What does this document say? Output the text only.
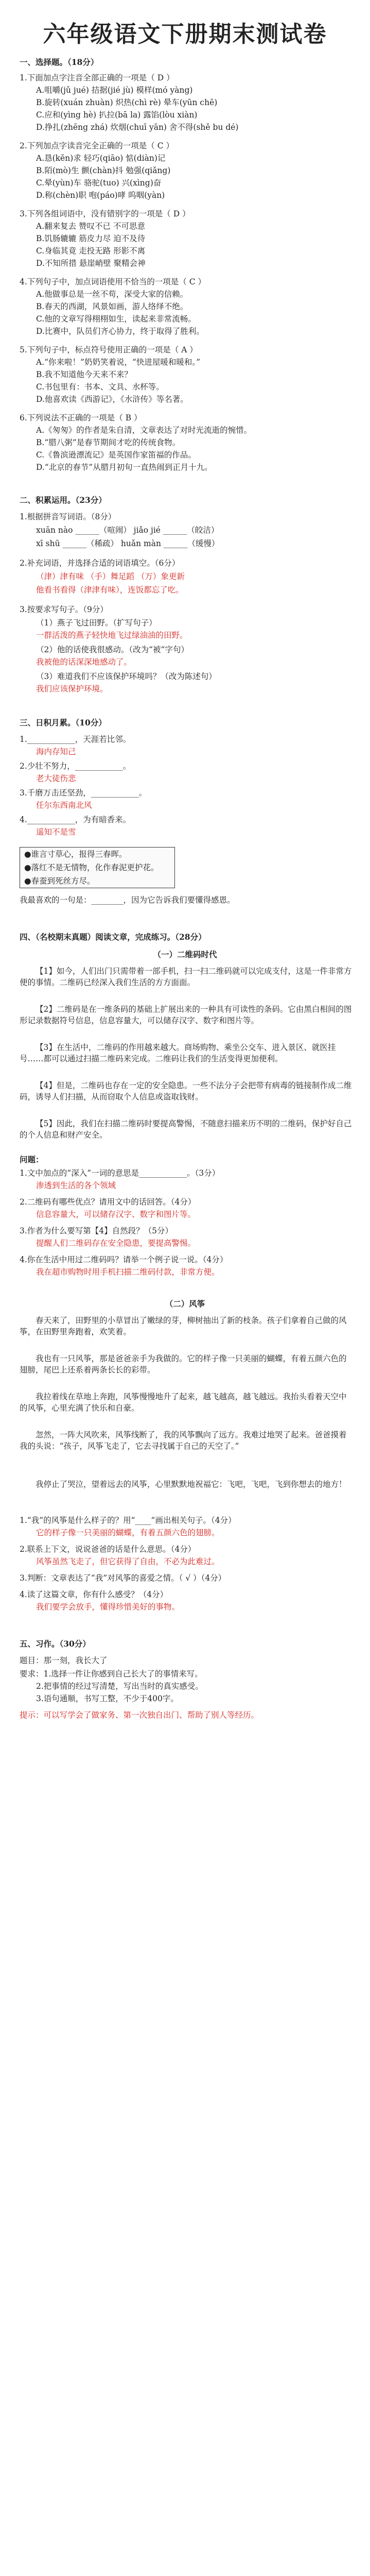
六年级语文下册期末测试卷
一、选择题。（18分）
1.下面加点字注音全部正确的一项是（ D ）
A.咀嚼(jǔ jué) 拮据(jié jù) 模样(mó yàng)
B.旋转(xuán zhuàn) 炽热(chì rè) 晕车(yūn chē)
C.应和(yìng hè) 扒拉(bā la) 露馅(lòu xiàn)
D.挣扎(zhēng zhá) 炊烟(chuī yān) 舍不得(shě bu dé)
2.下列加点字读音完全正确的一项是（ C ）
A.恳(kěn)求 轻巧(qiāo) 惦(diàn)记
B.陌(mò)生 颤(chàn)抖 勉强(qiǎng)
C.晕(yùn)车 骆驼(tuo) 兴(xìng)奋
D.称(chèn)职 咆(páo)哮 呜咽(yàn)
3.下列各组词语中，没有错别字的一项是（ D ）
A.翻来复去 赞叹不已 不可思意
B.饥肠辘辘 筋皮力尽 迫不及待
C.身临其竟 走投无路 形影不离
D.不知所措 悬崖峭壁 聚精会神
4.下列句子中，加点词语使用不恰当的一项是（ C ）
A.他做事总是一丝不苟，深受大家的信赖。
B.春天的西湖，风景如画，游人络绎不绝。
C.他的文章写得栩栩如生，读起来非常流畅。
D.比赛中，队员们齐心协力，终于取得了胜利。
5.下列句子中，标点符号使用正确的一项是（ A ）
A.“你来啦！”奶奶笑着说，“快进屋暖和暖和。”
B.我不知道他今天来不来？
C.书包里有：书本、文具、水杯等。
D.他喜欢读《西游记》，《水浒传》等名著。
6.下列说法不正确的一项是（ B ）
A.《匆匆》的作者是朱自清，文章表达了对时光流逝的惋惜。
B.“腊八粥”是春节期间才吃的传统食物。
C.《鲁滨逊漂流记》是英国作家笛福的作品。
D.“北京的春节”从腊月初旬一直热闹到正月十九。
二、积累运用。（23分）
1.根据拼音写词语。（8分）
xuān nào ______（喧闹） jiǎo jié ______（皎洁）
xī shū ______（稀疏） huǎn màn ______（缓慢）
2.补充词语，并选择合适的词语填空。（6分）
（津）津有味 （手）舞足蹈 （万）象更新
他看书看得（津津有味），连饭都忘了吃。
3.按要求写句子。（9分）
（1）燕子飞过田野。（扩写句子）
一群活泼的燕子轻快地飞过绿油油的田野。
（2）他的话使我很感动。（改为“被”字句）
我被他的话深深地感动了。
（3）难道我们不应该保护环境吗？（改为陈述句）
我们应该保护环境。
三、日积月累。（10分）
1.____________，天涯若比邻。
海内存知己
2.少壮不努力，____________。
老大徒伤悲
3.千磨万击还坚劲，____________。
任尔东西南北风
4.____________，为有暗香来。
遥知不是雪
●谁言寸草心，报得三春晖。
●落红不是无情物，化作春泥更护花。
●春蚕到死丝方尽。
我最喜欢的一句是：________，因为它告诉我们要懂得感恩。
四、（名校期末真题）阅读文章，完成练习。（28分）
（一）二维码时代
【1】如今，人们出门只需带着一部手机，扫一扫二维码就可以完成支付，这是一件非常方便的事情。二维码已经深入我们生活的方方面面。
【2】二维码是在一维条码的基础上扩展出来的一种具有可读性的条码。它由黑白相间的图形记录数据符号信息，信息容量大，可以储存汉字、数字和图片等。
【3】在生活中，二维码的作用越来越大。商场购物、乘坐公交车、进入景区、就医挂号……都可以通过扫描二维码来完成。二维码让我们的生活变得更加便利。
【4】但是，二维码也存在一定的安全隐患。一些不法分子会把带有病毒的链接制作成二维码，诱导人们扫描，从而窃取个人信息或盗取钱财。
【5】因此，我们在扫描二维码时要提高警惕，不随意扫描来历不明的二维码，保护好自己的个人信息和财产安全。
问题：
1.文中加点的“深入”一词的意思是____________。（3分）
渗透到生活的各个领域
2.二维码有哪些优点？请用文中的话回答。（4分）
信息容量大，可以储存汉字、数字和图片等。
3.作者为什么要写第【4】自然段？（5分）
提醒人们二维码存在安全隐患，要提高警惕。
4.你在生活中用过二维码吗？请举一个例子说一说。（4分）
我在超市购物时用手机扫描二维码付款，非常方便。
（二）风筝
春天来了，田野里的小草冒出了嫩绿的芽，柳树抽出了新的枝条。孩子们拿着自己做的风筝，在田野里奔跑着，欢笑着。
我也有一只风筝，那是爸爸亲手为我做的。它的样子像一只美丽的蝴蝶，有着五颜六色的翅膀，尾巴上还系着两条长长的彩带。
我拉着线在草地上奔跑，风筝慢慢地升了起来，越飞越高，越飞越远。我抬头看着天空中的风筝，心里充满了快乐和自豪。
忽然，一阵大风吹来，风筝线断了，我的风筝飘向了远方。我难过地哭了起来。爸爸摸着我的头说：“孩子，风筝飞走了，它去寻找属于自己的天空了。”
我停止了哭泣，望着远去的风筝，心里默默地祝福它：飞吧，飞吧，飞到你想去的地方！
1.“我”的风筝是什么样子的？用“____”画出相关句子。（4分）
它的样子像一只美丽的蝴蝶，有着五颜六色的翅膀。
2.联系上下文，说说爸爸的话是什么意思。（4分）
风筝虽然飞走了，但它获得了自由，不必为此难过。
3.判断：文章表达了“我”对风筝的喜爱之情。（ √ ）（4分）
4.读了这篇文章，你有什么感受？（4分）
我们要学会放手，懂得珍惜美好的事物。
五、习作。（30分）
题目：那一刻，我长大了
要求：1.选择一件让你感到自己长大了的事情来写。
2.把事情的经过写清楚，写出当时的真实感受。
3.语句通顺，书写工整，不少于400字。
提示：可以写学会了做家务、第一次独自出门、帮助了别人等经历。
